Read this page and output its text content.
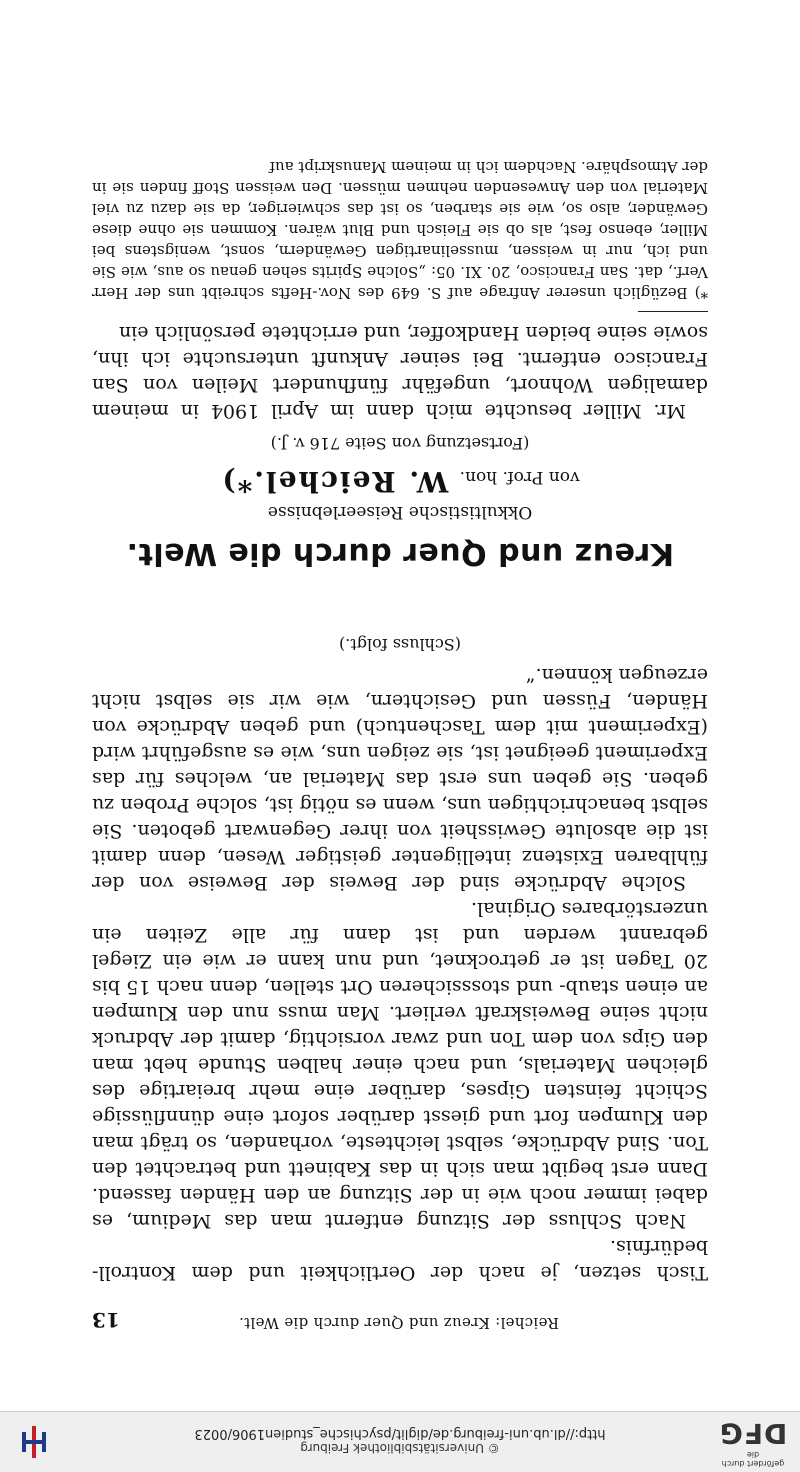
© Universitätsbibliothek Freiburg
http://dl.ub.uni-freiburg.de/diglit/psychische_studien1906/0023
gefördert durch die
DFG
Reichel: Kreuz und Quer durch die Welt.
13

Tisch setzen, je nach der Oertlichkeit und dem Kontroll-bedürfnis.

Nach Schluss der Sitzung entfernt man das Medium, es dabei immer noch wie in der Sitzung an den Händen fassend. Dann erst begibt man sich in das Kabinett und betrachtet den Ton. Sind Abdrücke, selbst leichteste, vorhanden, so trägt man den Klumpen fort und giesst darüber sofort eine dünnflüssige Schicht feinsten Gipses, darüber eine mehr breiartige des gleichen Materials, und nach einer halben Stunde hebt man den Gips von dem Ton und zwar vorsichtig, damit der Abdruck nicht seine Beweiskraft verliert. Man muss nun den Klumpen an einen staub- und stosssicheren Ort stellen, denn nach 15 bis 20 Tagen ist er getrocknet, und nun kann er wie ein Ziegel gebrannt werden und ist dann für alle Zeiten ein unzerstörbares Original.

Solche Abdrücke sind der Beweis der Beweise von der fühlbaren Existenz intelligenter geistiger Wesen, denn damit ist die absolute Gewissheit von ihrer Gegenwart geboten. Sie selbst benachrichtigen uns, wenn es nötig ist, solche Proben zu geben. Sie geben uns erst das Material an, welches für das Experiment geeignet ist, sie zeigen uns, wie es ausgeführt wird (Experiment mit dem Taschentuch) und geben Abdrücke von Händen, Füssen und Gesichtern, wie wir sie selbst nicht erzeugen können.“

(Schluss folgt.)

Kreuz und Quer durch die Welt.
Okkultistische Reiseerlebnisse
von Prof. hon. W. Reichel.*)
(Fortsetzung von Seite 716 v. J.)

Mr. Miller besuchte mich dann im April 1904 in meinem damaligen Wohnort, ungefähr fünfhundert Meilen von San Francisco entfernt. Bei seiner Ankunft untersuchte ich ihn, sowie seine beiden Handkoffer, und errichtete persönlich ein

*) Bezüglich unserer Anfrage auf S. 649 des Nov.-Hefts schreibt uns der Herr Verf., dat. San Francisco, 20. XI. 05: „Solche Spirits sehen genau so aus, wie Sie und ich, nur in weissen, musselinartigen Gewändern, sonst, wenigstens bei Miller, ebenso fest, als ob sie Fleisch und Blut wären. Kommen sie ohne diese Gewänder, also so, wie sie starben, so ist das schwieriger, da sie dazu zu viel Material von den Anwesenden nehmen müssen. Den weissen Stoff finden sie in der Atmosphäre. Nachdem ich in meinem Manuskript auf
